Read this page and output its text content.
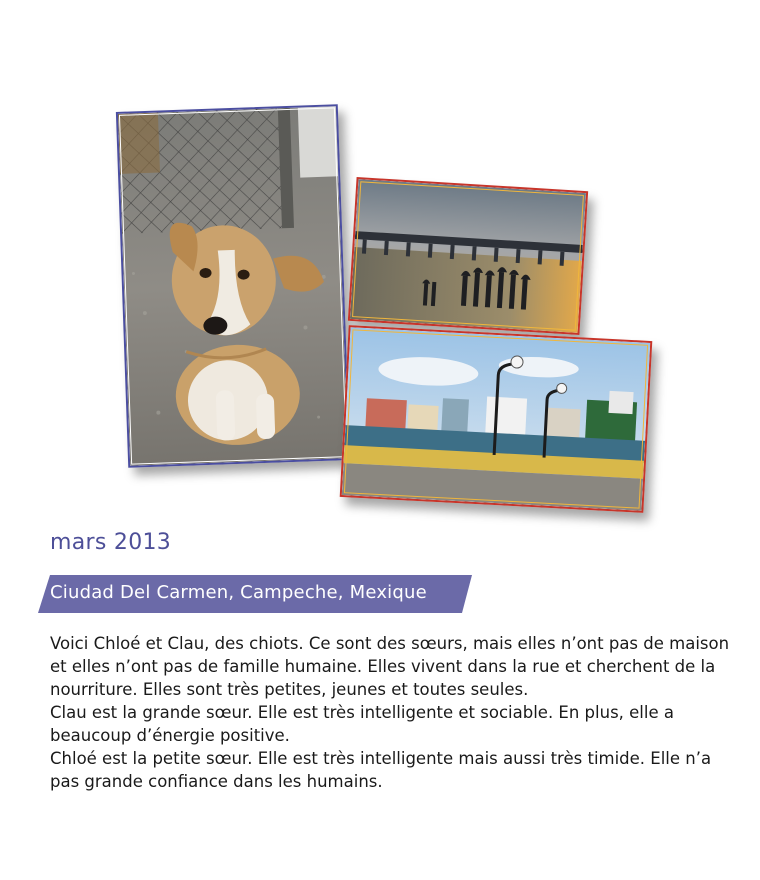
mars 2013
Ciudad Del Carmen, Campeche, Mexique

Voici Chloé et Clau, des chiots. Ce sont des sœurs, mais elles n’ont pas de maison et elles n’ont pas de famille humaine. Elles vivent dans la rue et cherchent de la nourriture. Elles sont très petites, jeunes et toutes seules.

Clau est la grande sœur. Elle est très intelligente et sociable. En plus, elle a beaucoup d’énergie positive.

Chloé est la petite sœur. Elle est très intelligente mais aussi très timide. Elle n’a pas grande confiance dans les humains.
